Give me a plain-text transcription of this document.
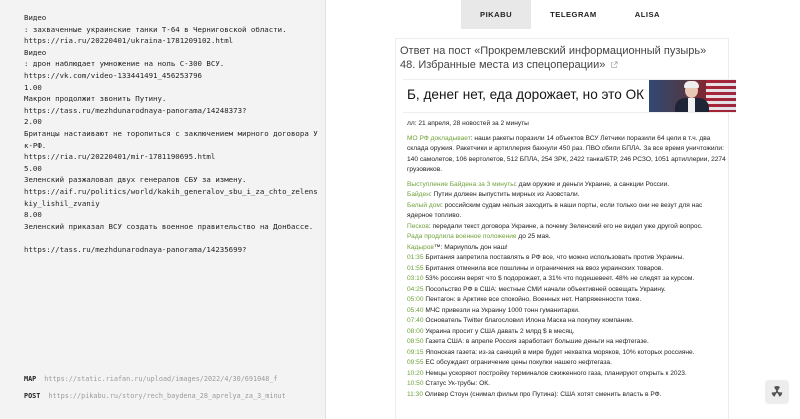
Видео
: захваченные украинские танки Т-64 в Черниговской области.
https://ria.ru/20220401/ukraina-1781209102.html
Видео
: дрон наблюдает умножение на ноль С-300 ВСУ.
https://vk.com/video-133441491_456253796
1.00
Макрон продолжит звонить Путину.
https://tass.ru/mezhdunarodnaya-panorama/14248373?
2.00
Британцы настаивают не торопиться с заключением мирного договора Ук-РФ.
https://ria.ru/20220401/mir-1781190695.html
5.00
Зеленский разжаловал двух генералов СБУ за измену.
https://aif.ru/politics/world/kakih_generalov_sbu_i_za_chto_zelenskiy_lishil_zvaniy
8.00
Зеленский приказал ВСУ создать военное правительство на Донбассе.
https://tass.ru/mezhdunarodnaya-panorama/14235699?
MAP https://static.riafan.ru/upload/images/2022/4/30/691048_f
POST https://pikabu.ru/story/rech_baydena_28_aprelya_za_3_minut
PIKABU	TELEGRAM	ALISA
Ответ на пост «Прокремлевский информационный пузырь» 48. Избранные места из спецоперации»
Б, денег нет, еда дорожает, но это ОК
лл: 21 апреля, 28 новостей за 2 минуты
МО РФ докладывает: наши ракеты поразили 14 объектов ВСУ Летчики поразили 64 цели в т.ч. два склада оружия. Ракетчики и артиллерия бахнули 450 раз. ПВО сбили БПЛА. За все время уничтожили: 140 самолетов, 106 вертолетов, 512 БПЛА, 254 ЗРК, 2422 танка/БТР, 246 РСЗО, 1051 артиллерии, 2274 грузовиков.
Выступление Байдена за 3 минуты: дам оружие и деньги Украине, а санкции России.
Байден: Путин должен выпустить мирных из Азовстали.
Белый дом: российским судам нельзя заходить в наши порты, если только они не везут для нас ядерное топливо.
Песков: передали текст договора Украине, а почему Зеленский его не видел уже другой вопрос.
Рада продлила военное положение до 25 мая.
Кадыров™: Мариуполь дон наш!
01:35 Британия запретила поставлять в РФ все, что можно использовать против Украины.
01:55 Британия отменила все пошлины и ограничения на ввоз украинских товаров.
03:10 53% россиян верят что $ подорожает, а 31% что подешевеет. 48% не следят за курсом.
04:25 Посольство РФ в США: местные СМИ начали объективней освещать Украину.
05:00 Пентагон: в Арктике все спокойно. Военных нет. Напряженности тоже.
05:40 МЧС привезли на Украину 1000 тонн гуманитарки.
07:40 Основатель Twitter благословил Илона Маска на покупку компании.
08:00 Украина просит у США давать 2 млрд $ в месяц.
08:50 Газета США: в апреле Россия заработает большие деньги на нефтегазе.
09:15 Японская газета: из-за санкций в мире будет нехватка моряков, 10% которых россияне.
09:55 ЕС обсуждает ограничение цены покупки нашего нефтегаза.
10:20 Немцы ускоряют постройку терминалов сжиженного газа, планируют открыть к 2023.
10:50 Статус Ук-трубы: ОК.
11:30 Оливер Стоун (снимал фильм про Путина): США хотят сменить власть в РФ.
